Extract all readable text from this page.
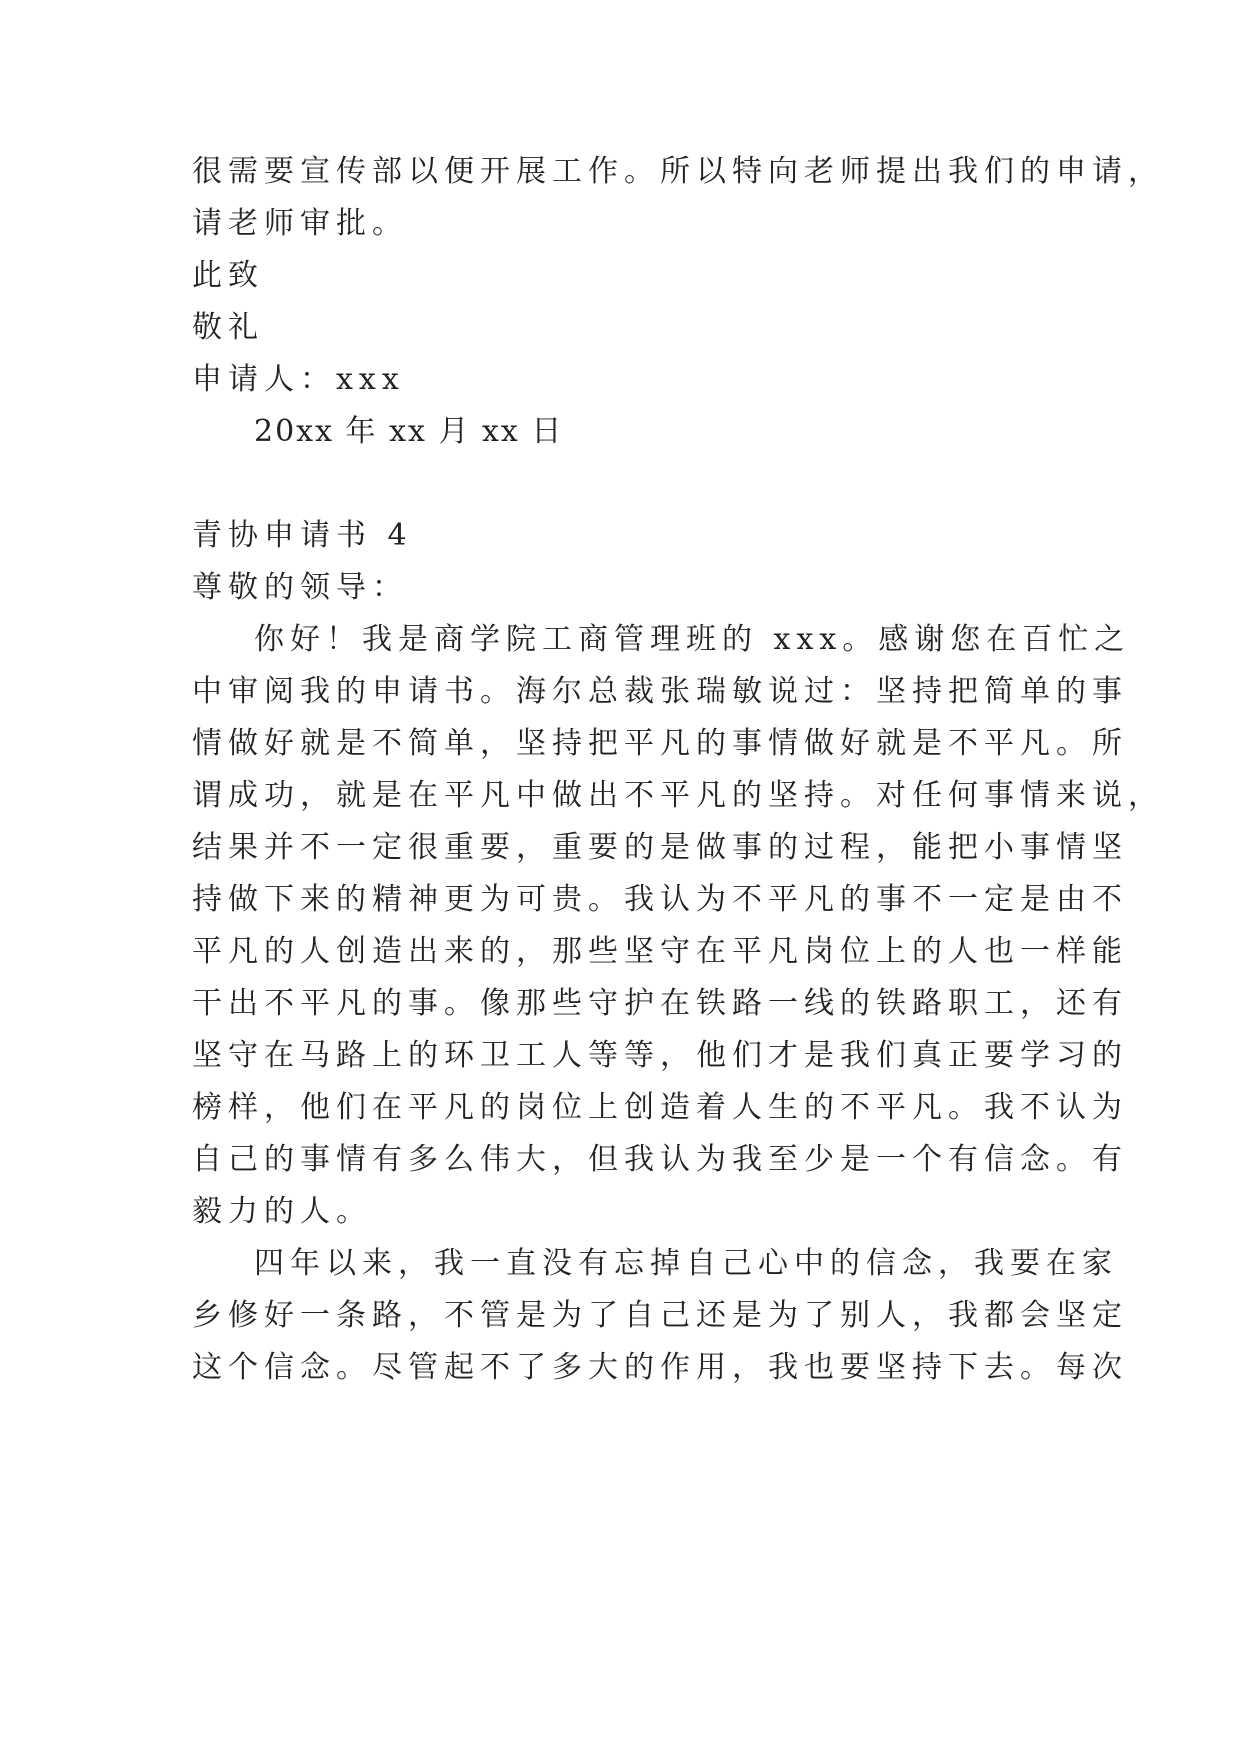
很需要宣传部以便开展工作。所以特向老师提出我们的申请，
请老师审批。
此致
敬礼
申请人：xxx
20xx 年 xx 月 xx 日
青协申请书 4
尊敬的领导：
你好！我是商学院工商管理班的 xxx。感谢您在百忙之
中审阅我的申请书。海尔总裁张瑞敏说过：坚持把简单的事
情做好就是不简单，坚持把平凡的事情做好就是不平凡。所
谓成功，就是在平凡中做出不平凡的坚持。对任何事情来说，
结果并不一定很重要，重要的是做事的过程，能把小事情坚
持做下来的精神更为可贵。我认为不平凡的事不一定是由不
平凡的人创造出来的，那些坚守在平凡岗位上的人也一样能
干出不平凡的事。像那些守护在铁路一线的铁路职工，还有
坚守在马路上的环卫工人等等，他们才是我们真正要学习的
榜样，他们在平凡的岗位上创造着人生的不平凡。我不认为
自己的事情有多么伟大，但我认为我至少是一个有信念。有
毅力的人。
四年以来，我一直没有忘掉自己心中的信念，我要在家
乡修好一条路，不管是为了自己还是为了别人，我都会坚定
这个信念。尽管起不了多大的作用，我也要坚持下去。每次
